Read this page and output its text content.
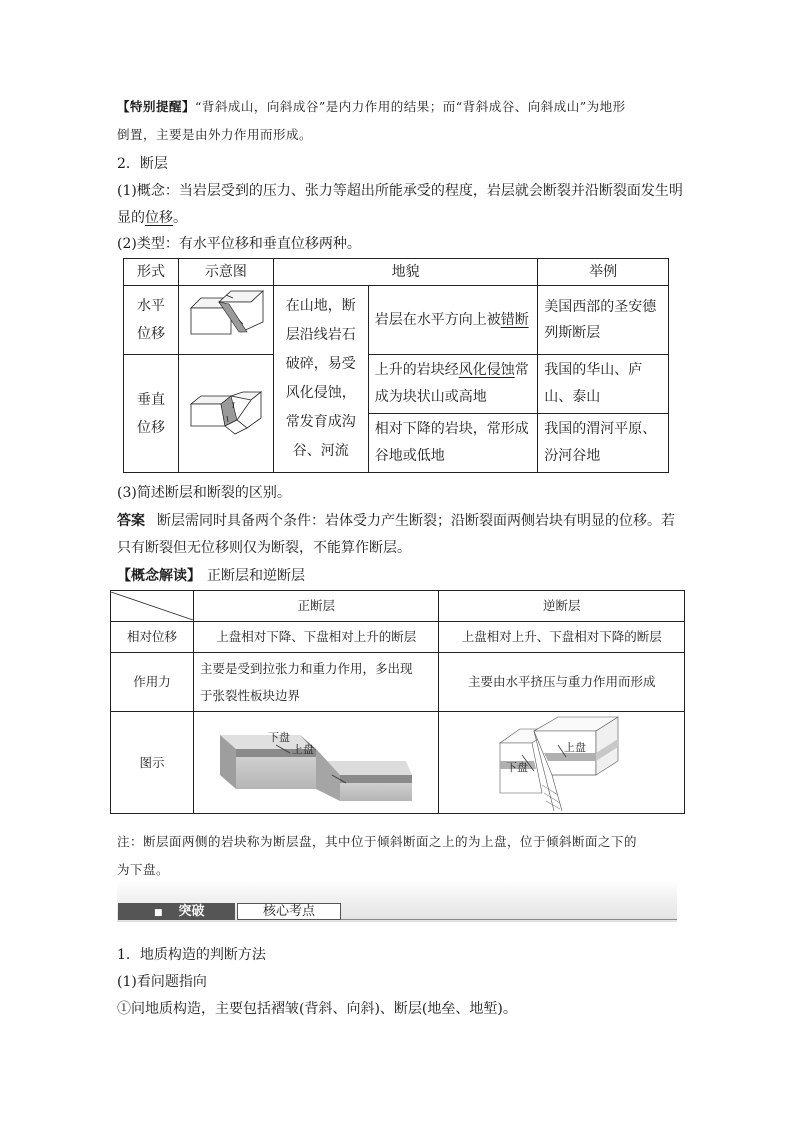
【特别提醒】“背斜成山，向斜成谷”是内力作用的结果；而“背斜成谷、向斜成山”为地形
倒置，主要是由外力作用而形成。
2．断层
(1)概念：当岩层受到的压力、张力等超出所能承受的程度，岩层就会断裂并沿断裂面发生明
显的位移。
(2)类型：有水平位移和垂直位移两种。
形式	示意图	地貌		举例
水平位移		在山地，断层沿线岩石破碎，易受风化侵蚀，常发育成沟谷、河流	岩层在水平方向上被错断	美国西部的圣安德列斯断层
垂直位移			上升的岩块经风化侵蚀常成为块状山或高地	我国的华山、庐山、泰山
			相对下降的岩块，常形成谷地或低地	我国的渭河平原、汾河谷地
(3)简述断层和断裂的区别。
答案 断层需同时具备两个条件：岩体受力产生断裂；沿断裂面两侧岩块有明显的位移。若
只有断裂但无位移则仅为断裂，不能算作断层。
【概念解读】 正断层和逆断层
	正断层	逆断层
相对位移	上盘相对下降、下盘相对上升的断层	上盘相对上升、下盘相对下降的断层
作用力	主要是受到拉张力和重力作用，多出现
于张裂性板块边界	主要由水平挤压与重力作用而形成
图示	下盘
上盘	下盘
上盘
注：断层面两侧的岩块称为断层盘，其中位于倾斜断面之上的为上盘，位于倾斜断面之下的
为下盘。
■ 突破	核心考点
1．地质构造的判断方法
(1)看问题指向
①问地质构造，主要包括褶皱(背斜、向斜)、断层(地垒、地堑)。
